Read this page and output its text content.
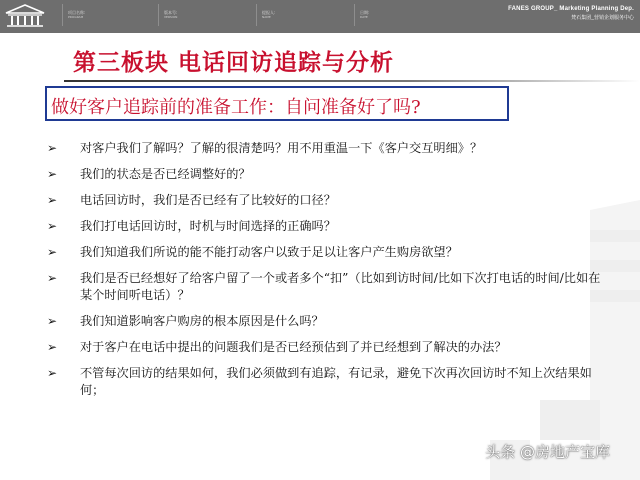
项目名称:
PROGRAM
版本号:
VERSION
提报人:
NAME
日期:
DATE
FANES GROUP_ Marketing Planning Dep.
梵石集团_营销企划服务中心
第三板块 电话回访追踪与分析
做好客户追踪前的准备工作：自问准备好了吗?
➢	对客户我们了解吗？了解的很清楚吗？用不用重温一下《客户交互明细》？
➢	我们的状态是否已经调整好的？
➢	电话回访时，我们是否已经有了比较好的口径？
➢	我们打电话回访时，时机与时间选择的正确吗？
➢	我们知道我们所说的能不能打动客户以致于足以让客户产生购房欲望？
➢	我们是否已经想好了给客户留了一个或者多个“扣”（比如到访时间/比如下次打电话的时间/比如在某个时间听电话）？
➢	我们知道影响客户购房的根本原因是什么吗？
➢	对于客户在电话中提出的问题我们是否已经预估到了并已经想到了解决的办法？
➢	不管每次回访的结果如何，我们必须做到有追踪，有记录，避免下次再次回访时不知上次结果如何；
头条 @房地产宝库
